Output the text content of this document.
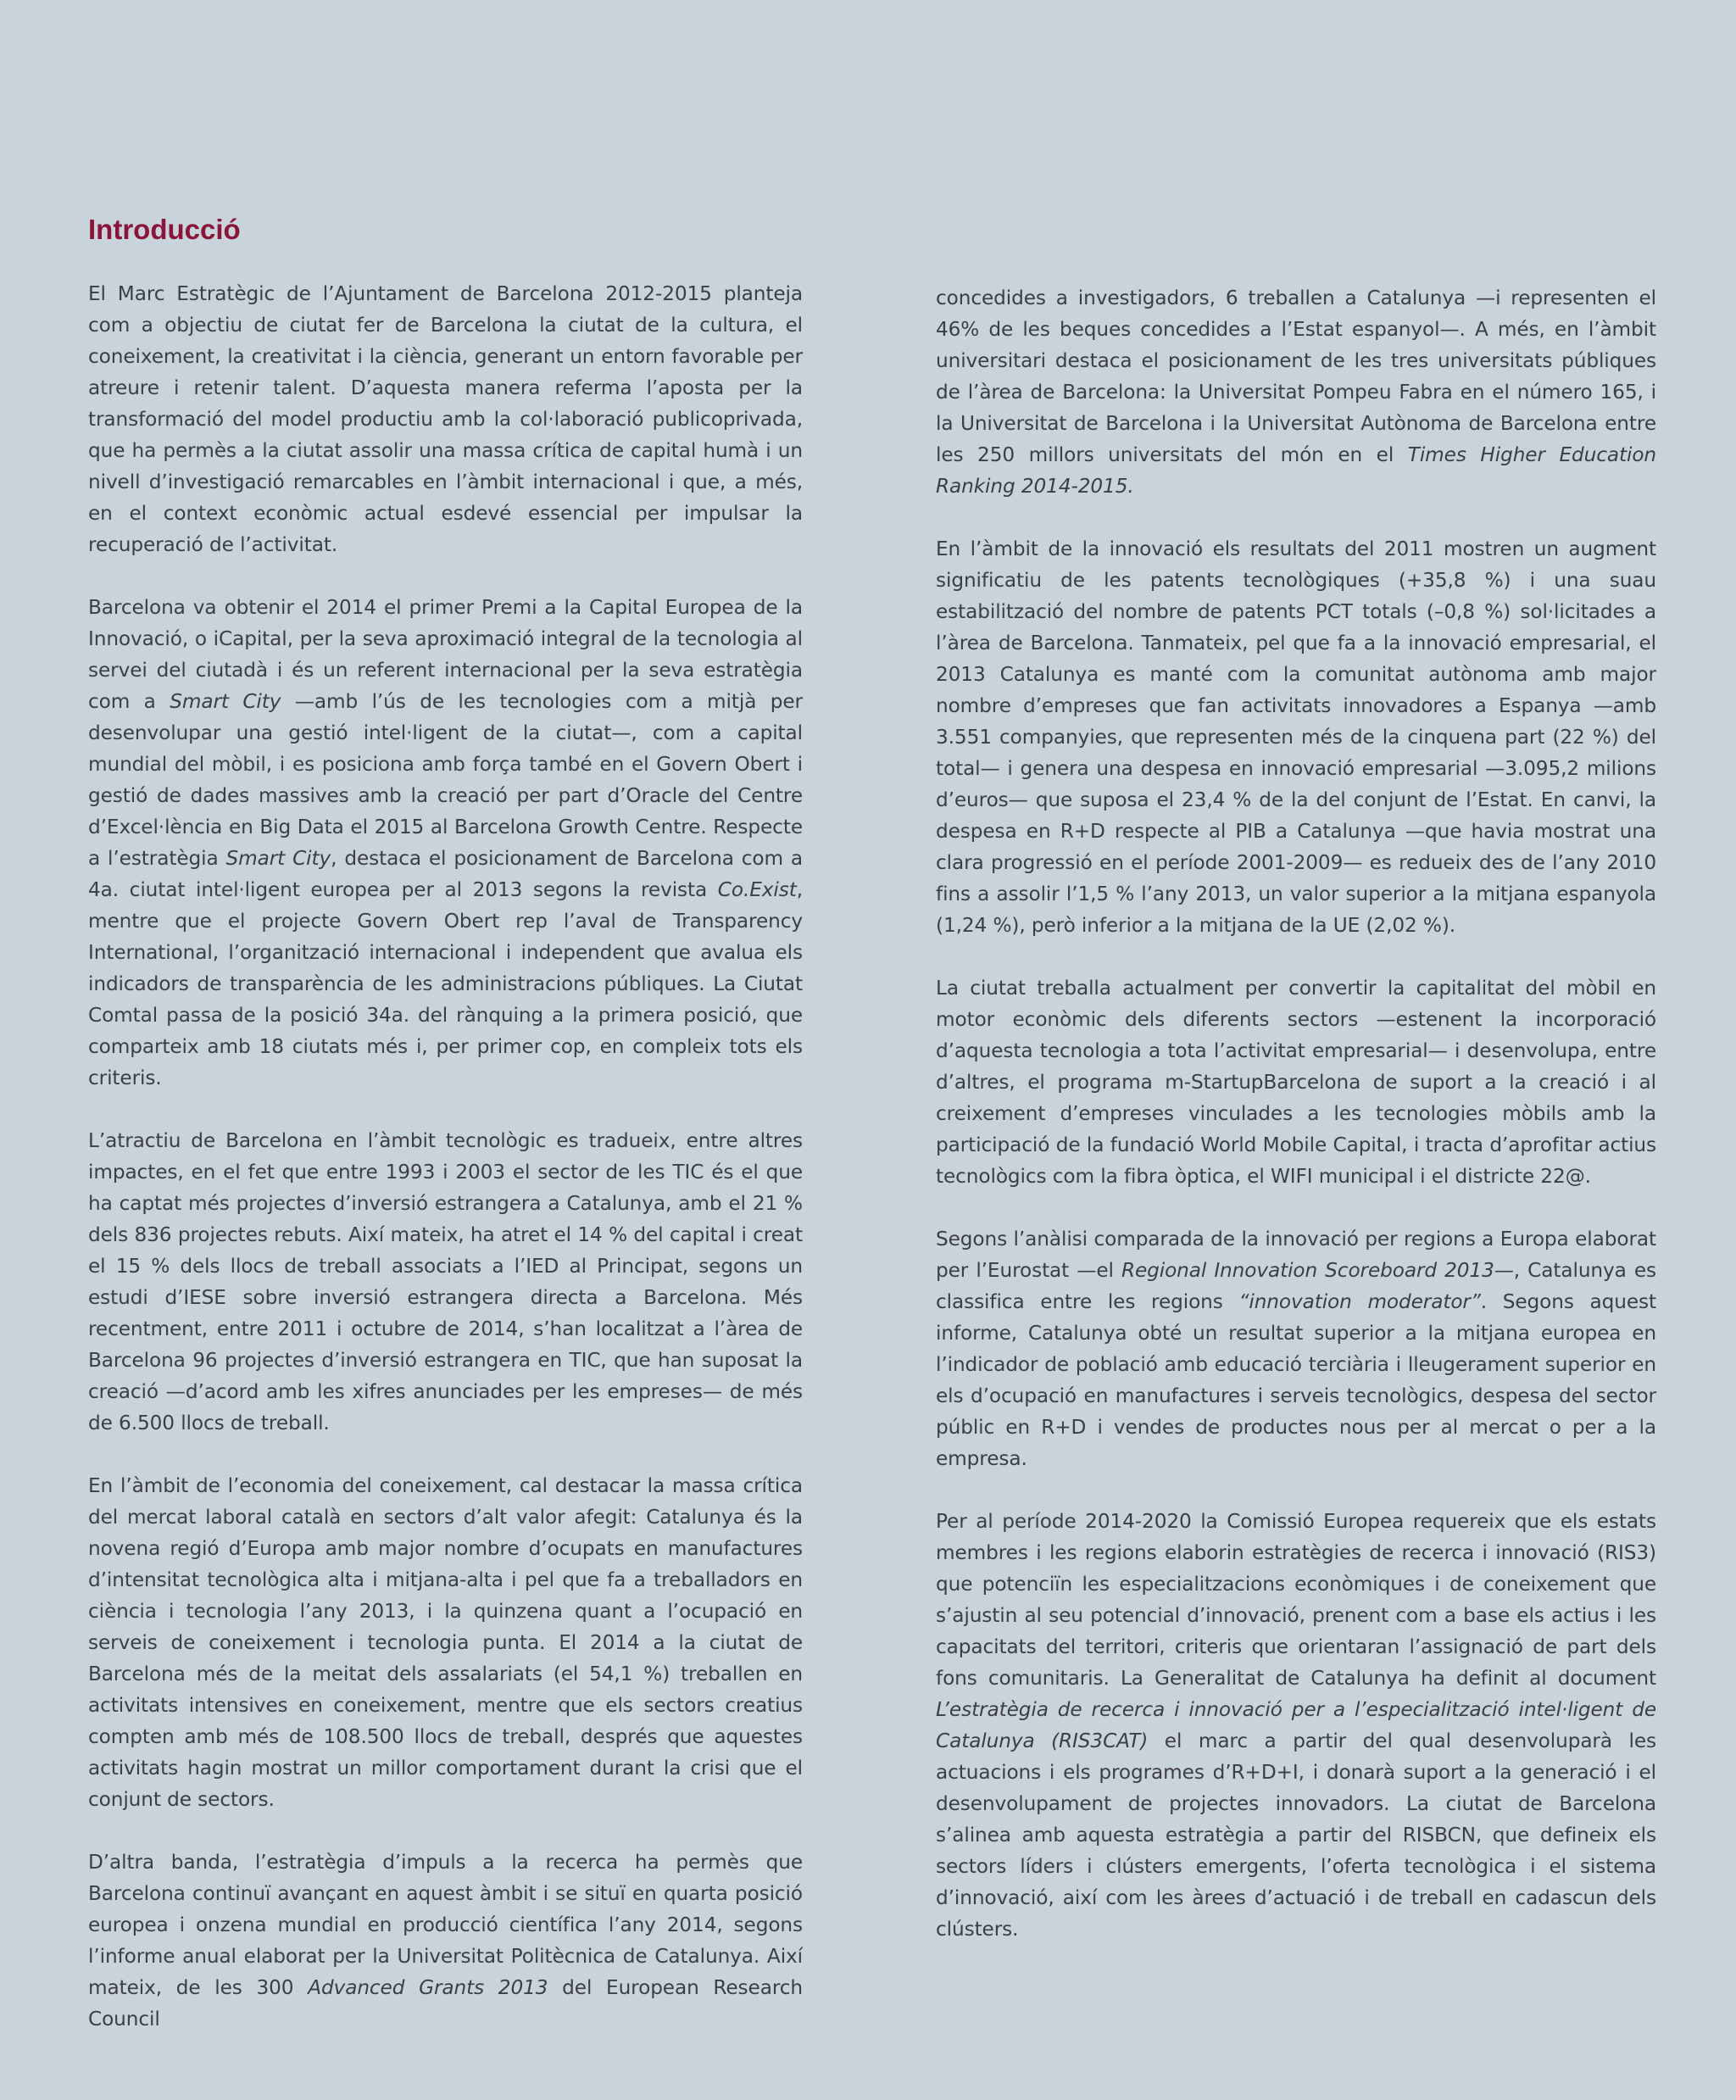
Introducció

El Marc Estratègic de l’Ajuntament de Barcelona 2012-2015 planteja com a objectiu de ciutat fer de Barcelona la ciutat de la cultura, el coneixement, la creativitat i la ciència, generant un entorn favorable per atreure i retenir talent. D’aquesta manera referma l’aposta per la transformació del model productiu amb la col·laboració publicoprivada, que ha permès a la ciutat assolir una massa crítica de capital humà i un nivell d’investigació remarcables en l’àmbit internacional i que, a més, en el context econòmic actual esdevé essencial per impulsar la recuperació de l’activitat.

Barcelona va obtenir el 2014 el primer Premi a la Capital Europea de la Innovació, o iCapital, per la seva aproximació integral de la tecnologia al servei del ciutadà i és un referent internacional per la seva estratègia com a Smart City —amb l’ús de les tecnologies com a mitjà per desenvolupar una gestió intel·ligent de la ciutat—, com a capital mundial del mòbil, i es posiciona amb força també en el Govern Obert i gestió de dades massives amb la creació per part d’Oracle del Centre d’Excel·lència en Big Data el 2015 al Barcelona Growth Centre. Respecte a l’estratègia Smart City, destaca el posicionament de Barcelona com a 4a. ciutat intel·ligent europea per al 2013 segons la revista Co.Exist, mentre que el projecte Govern Obert rep l’aval de Transparency International, l’organització internacional i independent que avalua els indicadors de transparència de les administracions públiques. La Ciutat Comtal passa de la posició 34a. del rànquing a la primera posició, que comparteix amb 18 ciutats més i, per primer cop, en compleix tots els criteris.

L’atractiu de Barcelona en l’àmbit tecnològic es tradueix, entre altres impactes, en el fet que entre 1993 i 2003 el sector de les TIC és el que ha captat més projectes d’inversió estrangera a Catalunya, amb el 21 % dels 836 projectes rebuts. Així mateix, ha atret el 14 % del capital i creat el 15 % dels llocs de treball associats a l’IED al Principat, segons un estudi d’IESE sobre inversió estrangera directa a Barcelona. Més recentment, entre 2011 i octubre de 2014, s’han localitzat a l’àrea de Barcelona 96 projectes d’inversió estrangera en TIC, que han suposat la creació —d’acord amb les xifres anunciades per les empreses— de més de 6.500 llocs de treball.

En l’àmbit de l’economia del coneixement, cal destacar la massa crítica del mercat laboral català en sectors d’alt valor afegit: Catalunya és la novena regió d’Europa amb major nombre d’ocupats en manufactures d’intensitat tecnològica alta i mitjana-alta i pel que fa a treballadors en ciència i tecnologia l’any 2013, i la quinzena quant a l’ocupació en serveis de coneixement i tecnologia punta. El 2014 a la ciutat de Barcelona més de la meitat dels assalariats (el 54,1 %) treballen en activitats intensives en coneixement, mentre que els sectors creatius compten amb més de 108.500 llocs de treball, després que aquestes activitats hagin mostrat un millor comportament durant la crisi que el conjunt de sectors.

D’altra banda, l’estratègia d’impuls a la recerca ha permès que Barcelona continuï avançant en aquest àmbit i se situï en quarta posició europea i onzena mundial en producció científica l’any 2014, segons l’informe anual elaborat per la Universitat Politècnica de Catalunya. Així mateix, de les 300 Advanced Grants 2013 del European Research Council

concedides a investigadors, 6 treballen a Catalunya —i representen el 46% de les beques concedides a l’Estat espanyol—. A més, en l’àmbit universitari destaca el posicionament de les tres universitats públiques de l’àrea de Barcelona: la Universitat Pompeu Fabra en el número 165, i la Universitat de Barcelona i la Universitat Autònoma de Barcelona entre les 250 millors universitats del món en el Times Higher Education Ranking 2014-2015.

En l’àmbit de la innovació els resultats del 2011 mostren un augment significatiu de les patents tecnològiques (+35,8 %) i una suau estabilització del nombre de patents PCT totals (–0,8 %) sol·licitades a l’àrea de Barcelona. Tanmateix, pel que fa a la innovació empresarial, el 2013 Catalunya es manté com la comunitat autònoma amb major nombre d’empreses que fan activitats innovadores a Espanya —amb 3.551 companyies, que representen més de la cinquena part (22 %) del total— i genera una despesa en innovació empresarial —3.095,2 milions d’euros— que suposa el 23,4 % de la del conjunt de l’Estat. En canvi, la despesa en R+D respecte al PIB a Catalunya —que havia mostrat una clara progressió en el període 2001-2009— es redueix des de l’any 2010 fins a assolir l’1,5 % l’any 2013, un valor superior a la mitjana espanyola (1,24 %), però inferior a la mitjana de la UE (2,02 %).

La ciutat treballa actualment per convertir la capitalitat del mòbil en motor econòmic dels diferents sectors —estenent la incorporació d’aquesta tecnologia a tota l’activitat empresarial— i desenvolupa, entre d’altres, el programa m-StartupBarcelona de suport a la creació i al creixement d’empreses vinculades a les tecnologies mòbils amb la participació de la fundació World Mobile Capital, i tracta d’aprofitar actius tecnològics com la fibra òptica, el WIFI municipal i el districte 22@.

Segons l’anàlisi comparada de la innovació per regions a Europa elaborat per l’Eurostat —el Regional Innovation Scoreboard 2013—, Catalunya es classifica entre les regions “innovation moderator”. Segons aquest informe, Catalunya obté un resultat superior a la mitjana europea en l’indicador de població amb educació terciària i lleugerament superior en els d’ocupació en manufactures i serveis tecnològics, despesa del sector públic en R+D i vendes de productes nous per al mercat o per a la empresa.

Per al període 2014-2020 la Comissió Europea requereix que els estats membres i les regions elaborin estratègies de recerca i innovació (RIS3) que potenciïn les especialitzacions econòmiques i de coneixement que s’ajustin al seu potencial d’innovació, prenent com a base els actius i les capacitats del territori, criteris que orientaran l’assignació de part dels fons comunitaris. La Generalitat de Catalunya ha definit al document L’estratègia de recerca i innovació per a l’especialització intel·ligent de Catalunya (RIS3CAT) el marc a partir del qual desenvoluparà les actuacions i els programes d’R+D+I, i donarà suport a la generació i el desenvolupament de projectes innovadors. La ciutat de Barcelona s’alinea amb aquesta estratègia a partir del RISBCN, que defineix els sectors líders i clústers emergents, l’oferta tecnològica i el sistema d’innovació, així com les àrees d’actuació i de treball en cadascun dels clústers.
